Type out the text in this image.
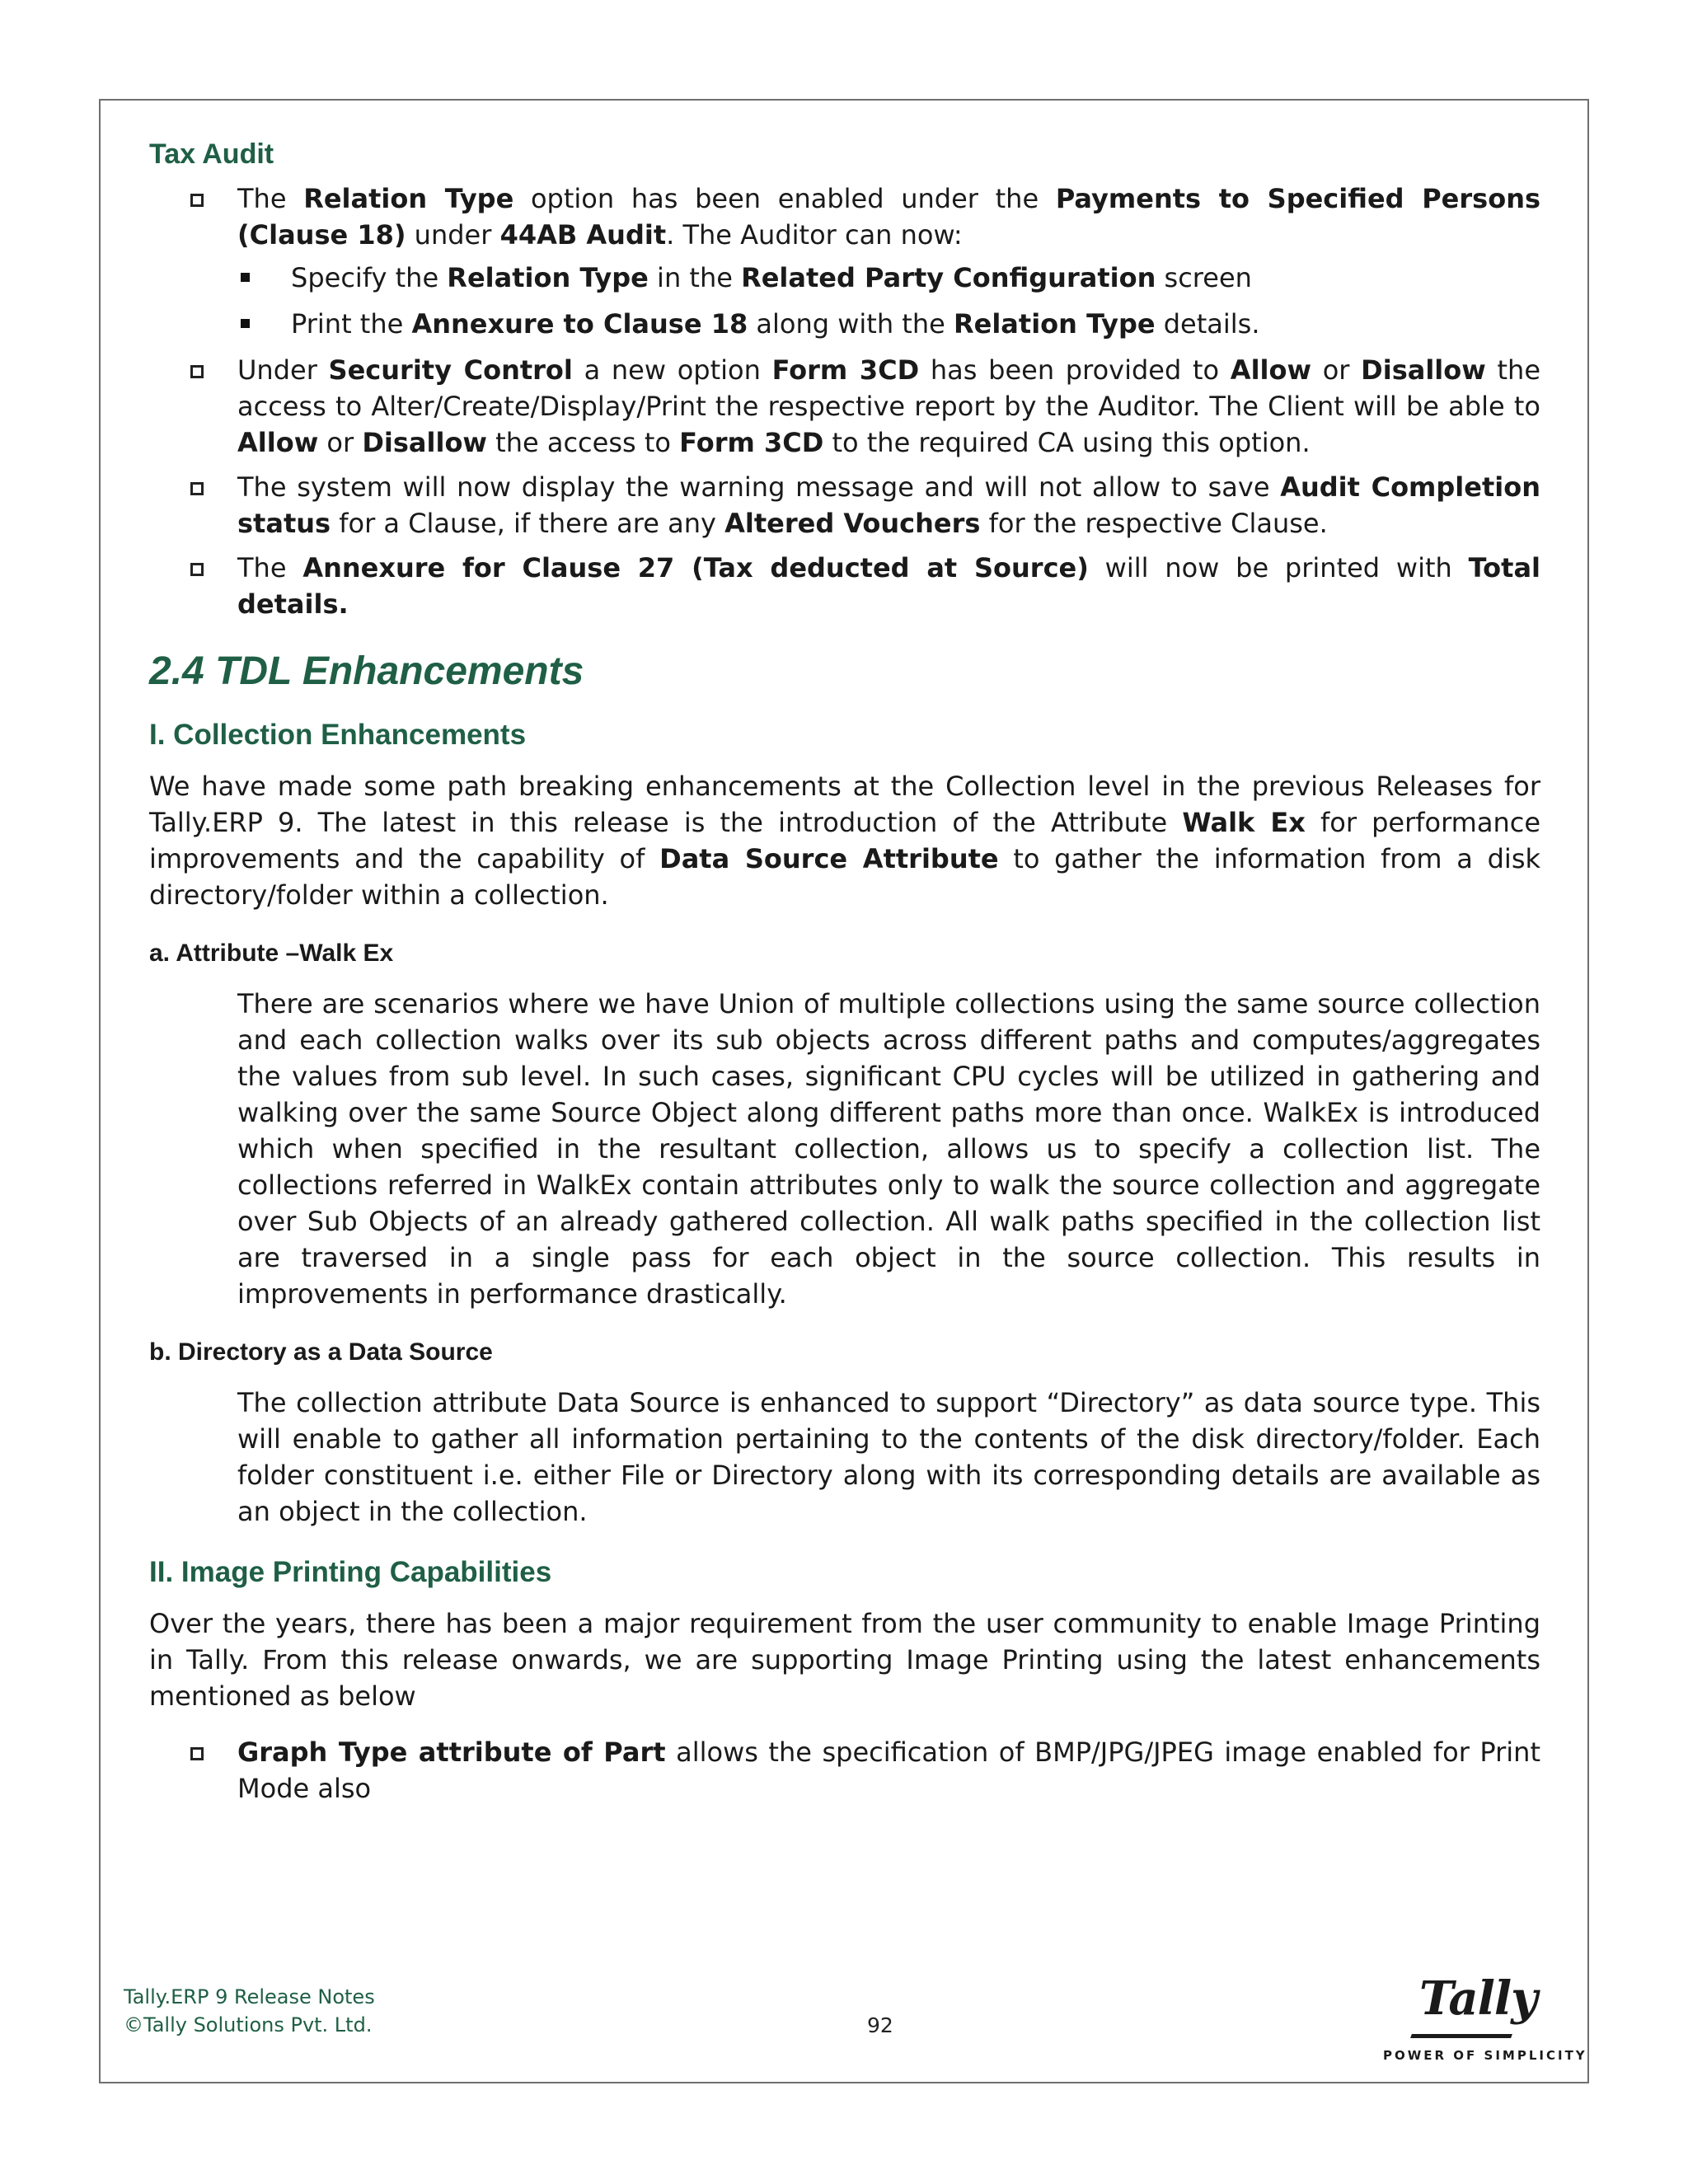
Tax Audit

The Relation Type option has been enabled under the Payments to Specified Persons (Clause 18) under 44AB Audit. The Auditor can now:

Specify the Relation Type in the Related Party Configuration screen

Print the Annexure to Clause 18 along with the Relation Type details.

Under Security Control a new option Form 3CD has been provided to Allow or Disallow the access to Alter/Create/Display/Print the respective report by the Auditor. The Client will be able to Allow or Disallow the access to Form 3CD to the required CA using this option.

The system will now display the warning message and will not allow to save Audit Completion status for a Clause, if there are any Altered Vouchers for the respective Clause.

The Annexure for Clause 27 (Tax deducted at Source) will now be printed with Total details.

2.4 TDL Enhancements
I. Collection Enhancements

We have made some path breaking enhancements at the Collection level in the previous Releases for Tally.ERP 9. The latest in this release is the introduction of the Attribute Walk Ex for performance improvements and the capability of Data Source Attribute to gather the information from a disk directory/folder within a collection.

a. Attribute –Walk Ex

There are scenarios where we have Union of multiple collections using the same source collection and each collection walks over its sub objects across different paths and computes/aggregates the values from sub level. In such cases, significant CPU cycles will be utilized in gathering and walking over the same Source Object along different paths more than once. WalkEx is introduced which when specified in the resultant collection, allows us to specify a collection list. The collections referred in WalkEx contain attributes only to walk the source collection and aggregate over Sub Objects of an already gathered collection. All walk paths specified in the collection list are traversed in a single pass for each object in the source collection. This results in improvements in performance drastically.

b. Directory as a Data Source

The collection attribute Data Source is enhanced to support “Directory” as data source type. This will enable to gather all information pertaining to the contents of the disk directory/folder. Each folder constituent i.e. either File or Directory along with its corresponding details are available as an object in the collection.

II. Image Printing Capabilities

Over the years, there has been a major requirement from the user community to enable Image Printing in Tally. From this release onwards, we are supporting Image Printing using the latest enhancements mentioned as below

Graph Type attribute of Part allows the specification of BMP/JPG/JPEG image enabled for Print Mode also

Tally.ERP 9 Release Notes
©Tally Solutions Pvt. Ltd.	92	Tally
POWER OF SIMPLICITY
